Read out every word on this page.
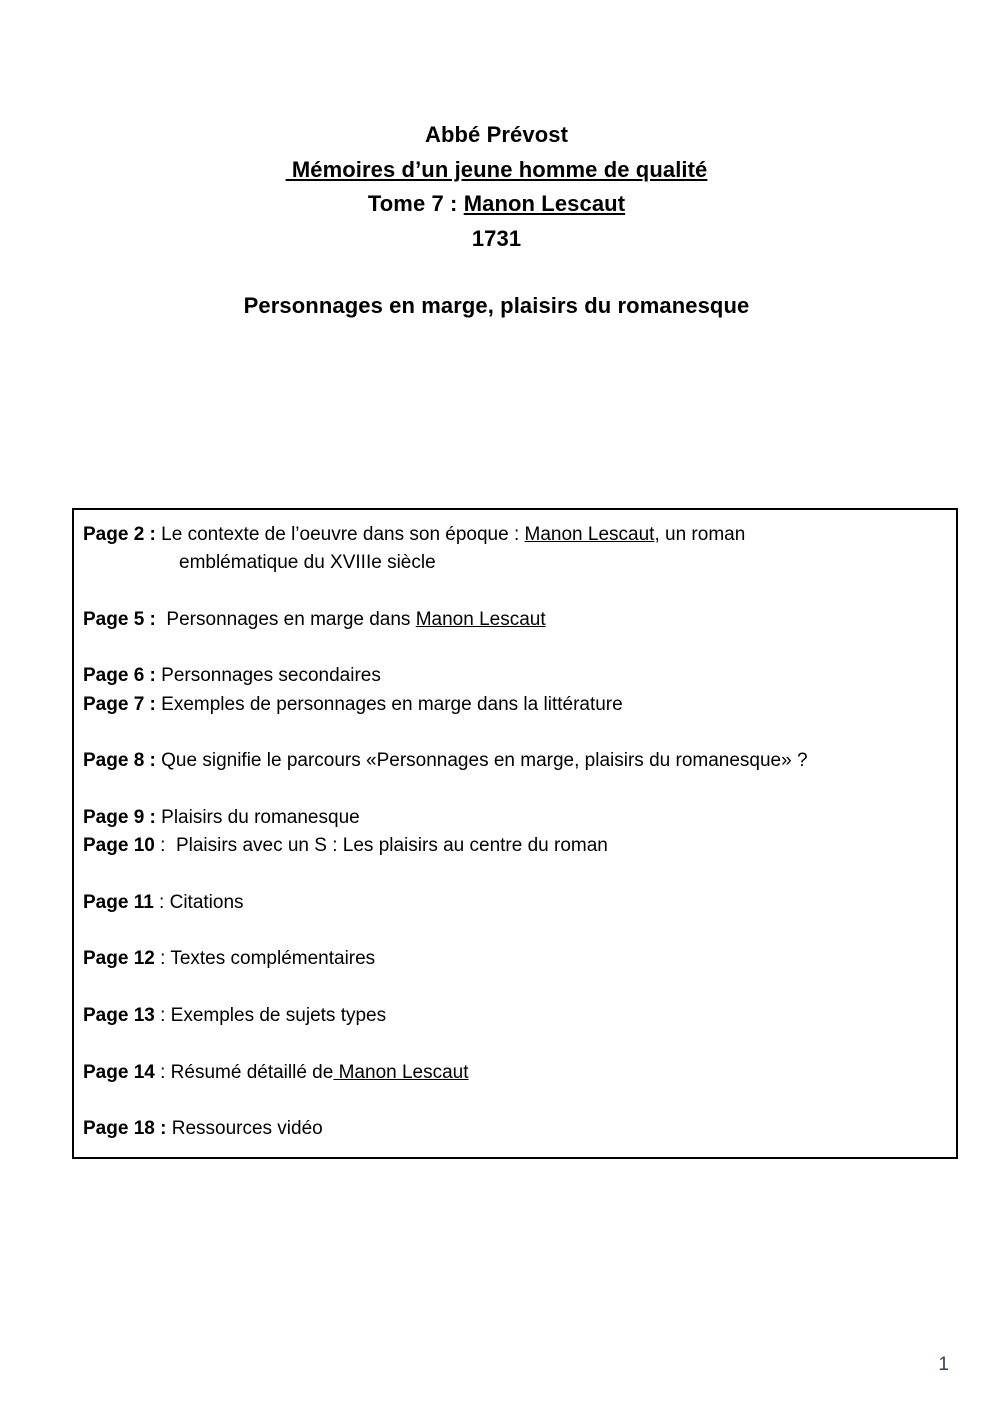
Abbé Prévost
Mémoires d’un jeune homme de qualité
Tome 7 : Manon Lescaut
1731
Personnages en marge, plaisirs du romanesque
Page 2 : Le contexte de l’oeuvre dans son époque : Manon Lescaut, un roman
emblématique du XVIIIe siècle
Page 5 :  Personnages en marge dans Manon Lescaut
Page 6 : Personnages secondaires
Page 7 : Exemples de personnages en marge dans la littérature
Page 8 : Que signifie le parcours «Personnages en marge, plaisirs du romanesque» ?
Page 9 : Plaisirs du romanesque
Page 10 :  Plaisirs avec un S : Les plaisirs au centre du roman
Page 11 : Citations
Page 12 : Textes complémentaires
Page 13 : Exemples de sujets types
Page 14 : Résumé détaillé de Manon Lescaut
Page 18 : Ressources vidéo
1
